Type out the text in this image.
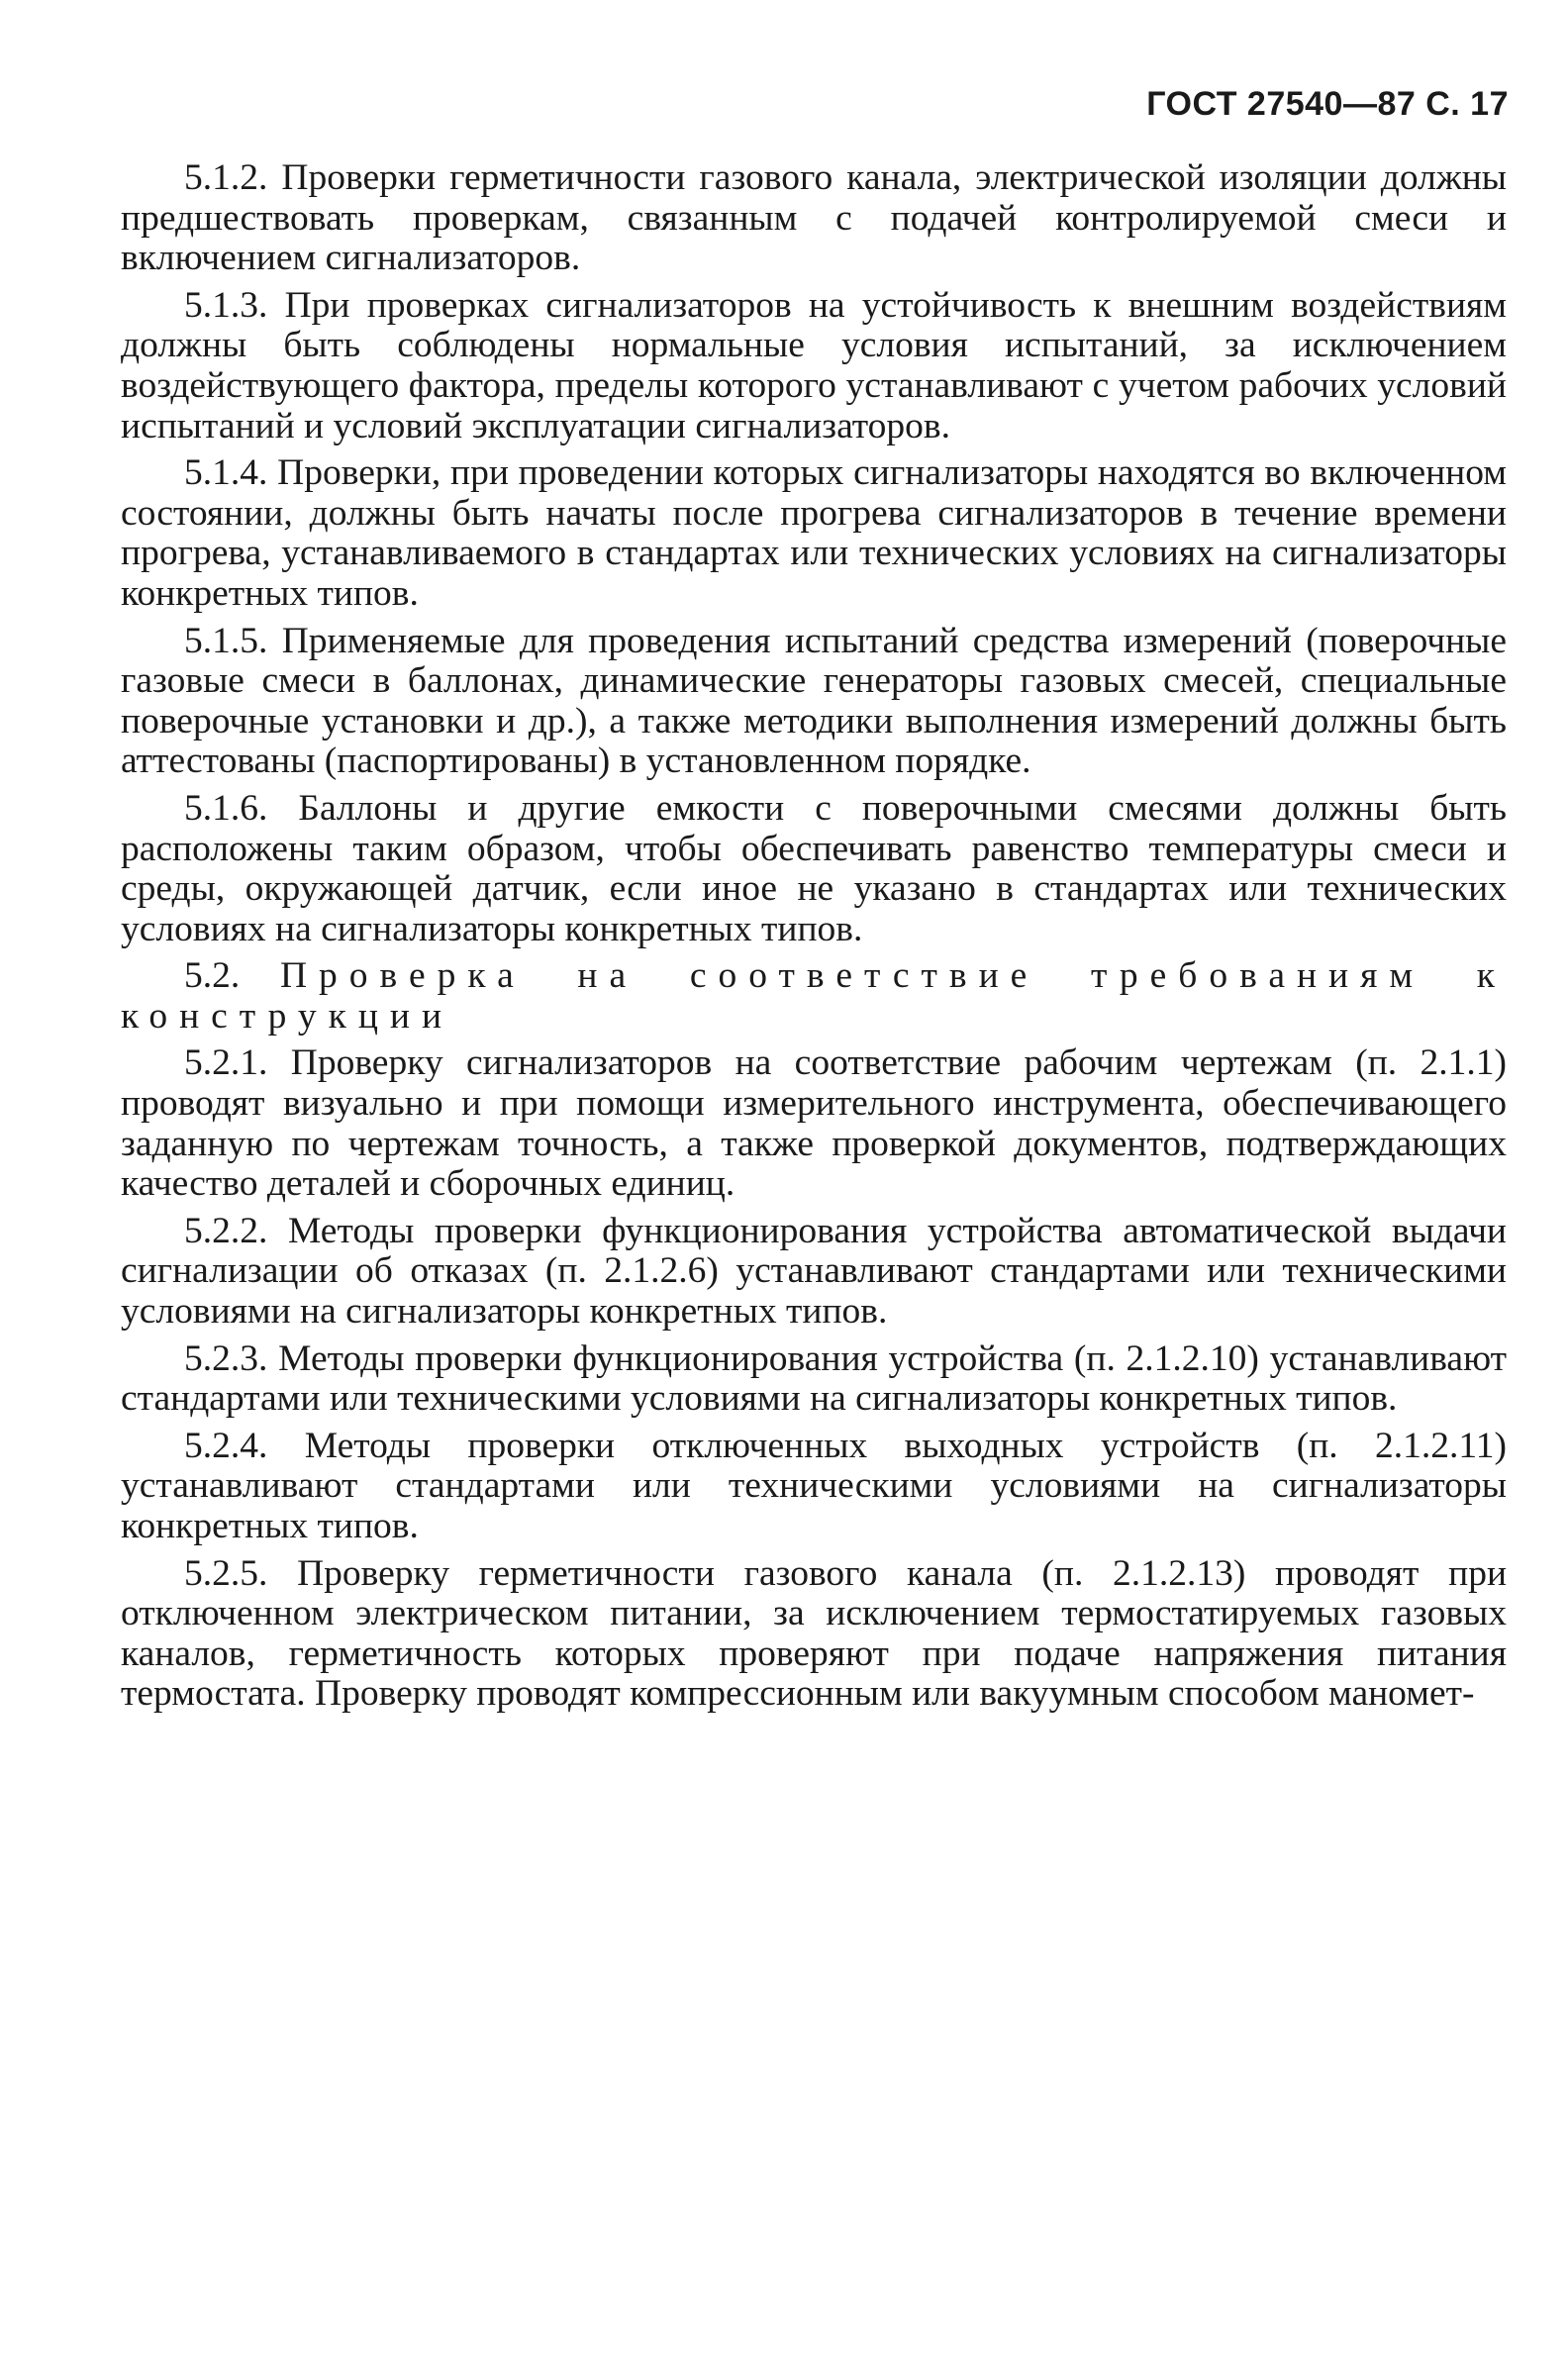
ГОСТ 27540—87 С. 17

5.1.2. Проверки герметичности газового канала, электрической изоляции должны предшествовать проверкам, связанным с подачей контролируемой смеси и включением сигнализаторов.

5.1.3. При проверках сигнализаторов на устойчивость к внешним воздействиям должны быть соблюдены нормальные условия испытаний, за исключением воздействующего фактора, пределы которого устанавливают с учетом рабочих условий испытаний и условий эксплуатации сигнализаторов.

5.1.4. Проверки, при проведении которых сигнализаторы находятся во включенном состоянии, должны быть начаты после прогрева сигнализаторов в течение времени прогрева, устанавливаемого в стандартах или технических условиях на сигнализаторы конкретных типов.

5.1.5. Применяемые для проведения испытаний средства измерений (поверочные газовые смеси в баллонах, динамические генераторы газовых смесей, специальные поверочные установки и др.), а также методики выполнения измерений должны быть аттестованы (паспортированы) в установленном порядке.

5.1.6. Баллоны и другие емкости с поверочными смесями должны быть расположены таким образом, чтобы обеспечивать равенство температуры смеси и среды, окружающей датчик, если иное не указано в стандартах или технических условиях на сигнализаторы конкретных типов.

5.2. Проверка на соответствие требованиям к конструкции

5.2.1. Проверку сигнализаторов на соответствие рабочим чертежам (п. 2.1.1) проводят визуально и при помощи измерительного инструмента, обеспечивающего заданную по чертежам точность, а также проверкой документов, подтверждающих качество деталей и сборочных единиц.

5.2.2. Методы проверки функционирования устройства автоматической выдачи сигнализации об отказах (п. 2.1.2.6) устанавливают стандартами или техническими условиями на сигнализаторы конкретных типов.

5.2.3. Методы проверки функционирования устройства (п. 2.1.2.10) устанавливают стандартами или техническими условиями на сигнализаторы конкретных типов.

5.2.4. Методы проверки отключенных выходных устройств (п. 2.1.2.11) устанавливают стандартами или техническими условиями на сигнализаторы конкретных типов.

5.2.5. Проверку герметичности газового канала (п. 2.1.2.13) проводят при отключенном электрическом питании, за исключением термостатируемых газовых каналов, герметичность которых проверяют при подаче напряжения питания термостата. Проверку проводят компрессионным или вакуумным способом маномет-
